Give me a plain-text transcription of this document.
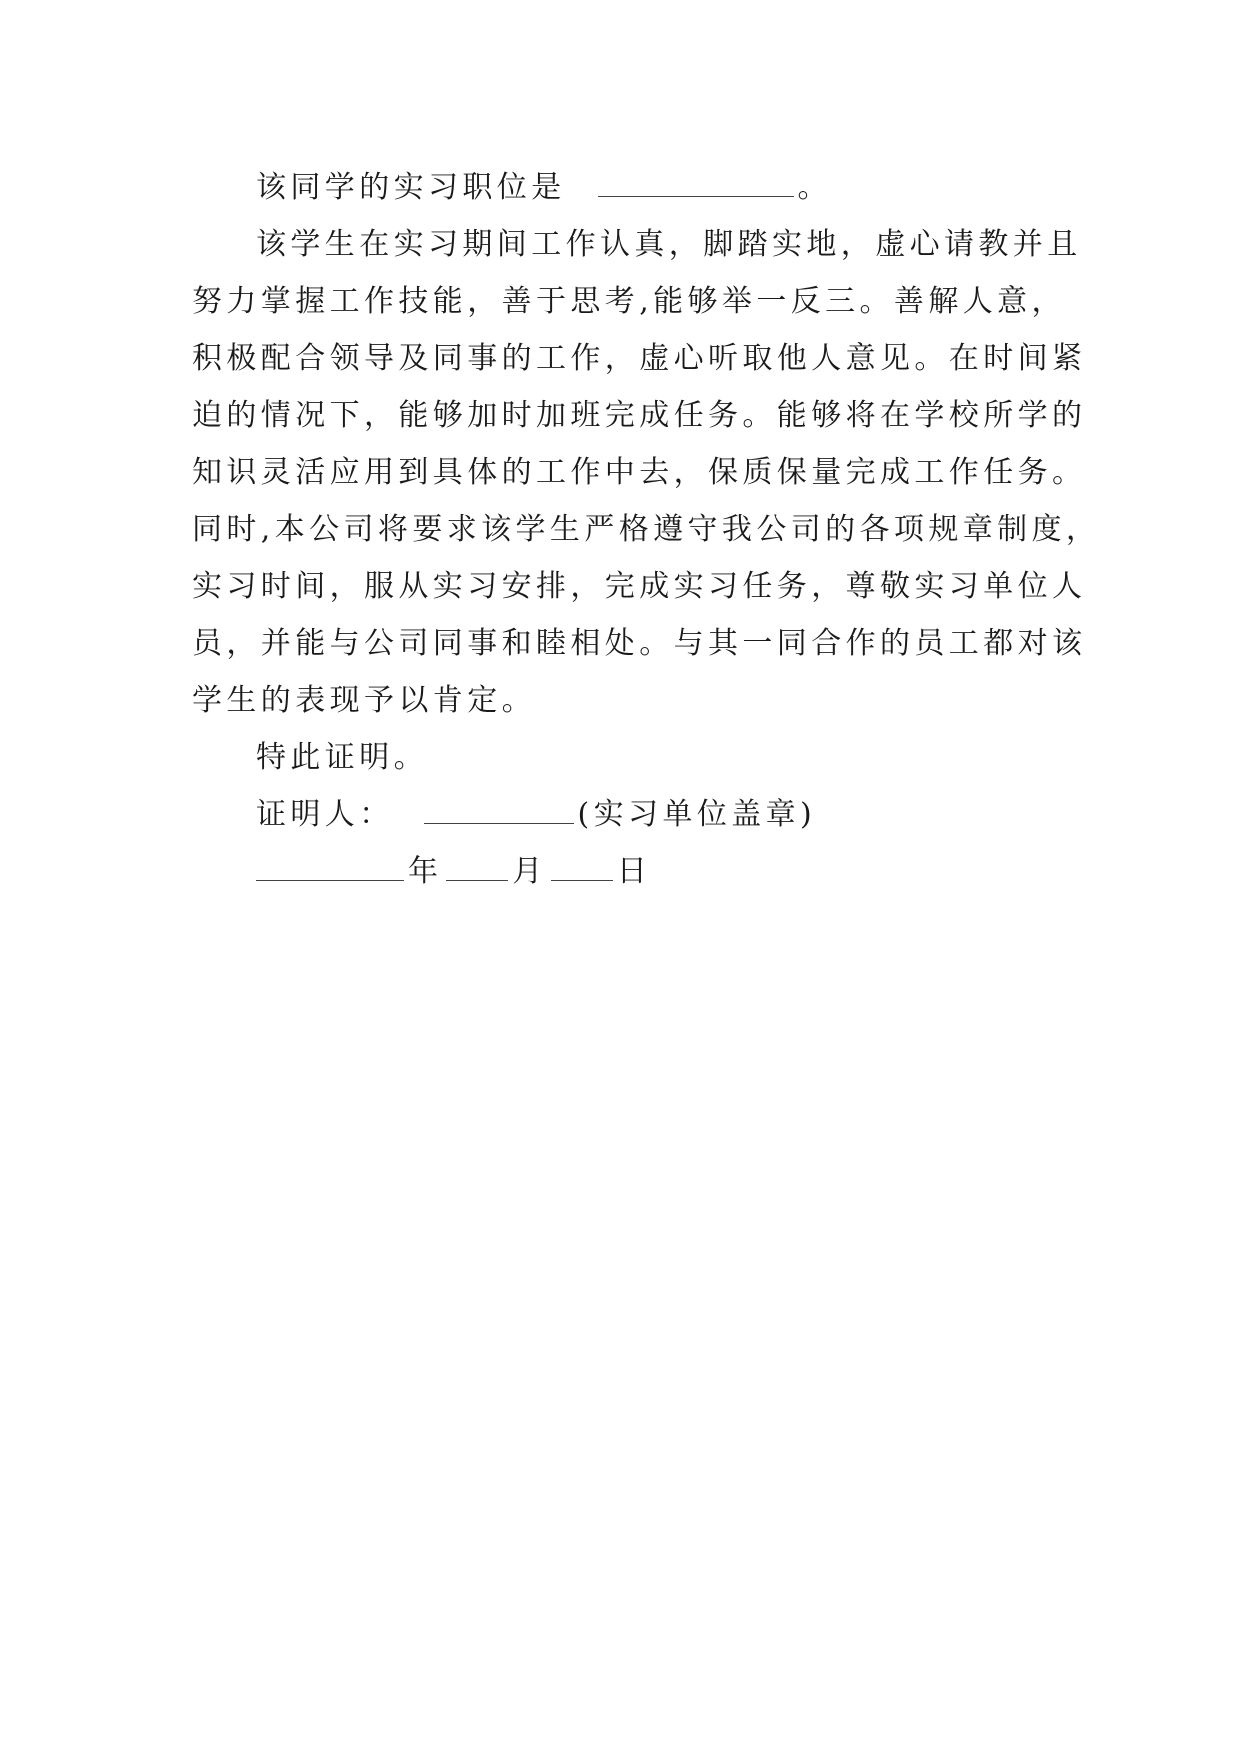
该同学的实习职位是	。
该学生在实习期间工作认真，脚踏实地，虚心请教并且
努力掌握工作技能，善于思考,能够举一反三。善解人意，
积极配合领导及同事的工作，虚心听取他人意见。在时间紧
迫的情况下，能够加时加班完成任务。能够将在学校所学的
知识灵活应用到具体的工作中去，保质保量完成工作任务。
同时,本公司将要求该学生严格遵守我公司的各项规章制度，
实习时间，服从实习安排，完成实习任务，尊敬实习单位人
员，并能与公司同事和睦相处。与其一同合作的员工都对该
学生的表现予以肯定。
特此证明。
证明人：	(实习单位盖章)
年 月 日
